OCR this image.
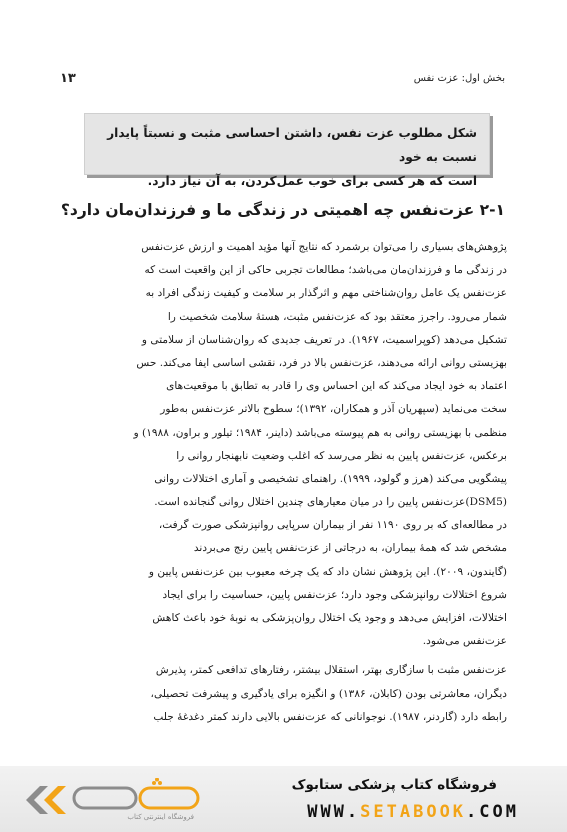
بخش اول: عزت نفس
۱۳
شکل مطلوب عزت نفس، داشتن احساسی مثبت و نسبتاً پایدار نسبت به خود
است که هر کسی برای خوب عمل‌کردن، به آن نیاز دارد.
۲-۱ عزت‌نفس چه اهمیتی در زندگی ما و فرزندان‌مان دارد؟
پژوهش‌های بسیاری را می‌توان برشمرد که نتایج آنها مؤید اهمیت و ارزش عزت‌نفس
در زندگی ما و فرزندان‌مان می‌باشد؛ مطالعات تجربی حاکی از این واقعیت است که
عزت‌نفس یک عامل روان‌شناختی مهم و اثرگذار بر سلامت و کیفیت زندگی افراد به
شمار می‌رود. راجرز معتقد بود که عزت‌نفس مثبت، هستهٔ سلامت شخصیت را
تشکیل می‌دهد (کوپراسمیت، ۱۹۶۷). در تعریف جدیدی که روان‌شناسان از سلامتی و
بهزیستی روانی ارائه می‌دهند، عزت‌نفس بالا در فرد، نقشی اساسی ایفا می‌کند. حس
اعتماد به خود ایجاد می‌کند که این احساس وی را قادر به تطابق با موقعیت‌های
سخت می‌نماید (سپهریان آذر و همکاران، ۱۳۹۲)؛ سطوح بالاتر عزت‌نفس به‌طور
منظمی با بهزیستی روانی به هم پیوسته می‌باشد (داینر، ۱۹۸۴؛ تیلور و براون، ۱۹۸۸) و
برعکس، عزت‌نفس پایین به نظر می‌رسد که اغلب وضعیت نابهنجار روانی را
پیشگویی می‌کند (هرز و گولود، ۱۹۹۹). راهنمای تشخیصی و آماری اختلالات روانی
(DSM5)عزت‌نفس پایین را در میان معیارهای چندین اختلال روانی گنجانده است.
در مطالعه‌ای که بر روی ۱۱۹۰ نفر از بیماران سرپایی روانپزشکی صورت گرفت،
مشخص شد که همهٔ بیماران، به درجاتی از عزت‌نفس پایین رنج می‌بردند
(گایندون، ۲۰۰۹). این پژوهش نشان داد که یک چرخه معیوب بین عزت‌نفس پایین و
شروع اختلالات روانپزشکی وجود دارد؛ عزت‌نفس پایین، حساسیت را برای ایجاد
اختلالات، افزایش می‌دهد و وجود یک اختلال روان‌پزشکی به نوبهٔ خود باعث کاهش
عزت‌نفس می‌شود.
عزت‌نفس مثبت با سازگاری بهتر، استقلال بیشتر، رفتارهای تدافعی کمتر، پذیرش
دیگران، معاشرتی بودن (کابلان، ۱۳۸۶) و انگیزه برای یادگیری و پیشرفت تحصیلی،
رابطه دارد (گاردنر، ۱۹۸۷). نوجوانانی که عزت‌نفس بالایی دارند کمتر دغدغهٔ جلب
فروشگاه اینترنتی کتاب
فروشگاه کتاب پزشکی ستابوک
WWW.SETABOOK.COM
